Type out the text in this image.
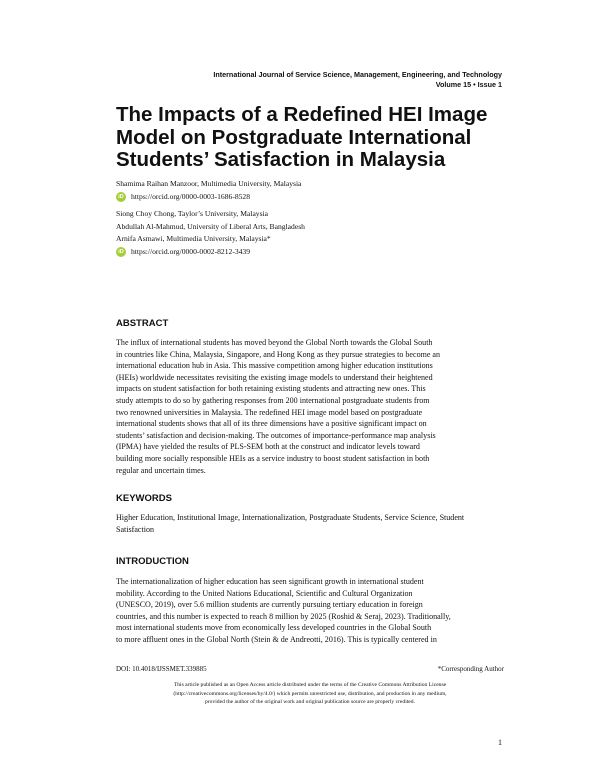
International Journal of Service Science, Management, Engineering, and Technology
Volume 15 • Issue 1
The Impacts of a Redefined HEI Image Model on Postgraduate International Students’ Satisfaction in Malaysia
Shamima Raihan Manzoor, Multimedia University, Malaysia
iD https://orcid.org/0000-0003-1686-8528
Siong Choy Chong, Taylor’s University, Malaysia
Abdullah Al-Mahmud, University of Liberal Arts, Bangladesh
Arnifa Asmawi, Multimedia University, Malaysia*
iD https://orcid.org/0000-0002-8212-3439
ABSTRACT
The influx of international students has moved beyond the Global North towards the Global South
in countries like China, Malaysia, Singapore, and Hong Kong as they pursue strategies to become an
international education hub in Asia. This massive competition among higher education institutions
(HEIs) worldwide necessitates revisiting the existing image models to understand their heightened
impacts on student satisfaction for both retaining existing students and attracting new ones. This
study attempts to do so by gathering responses from 200 international postgraduate students from
two renowned universities in Malaysia. The redefined HEI image model based on postgraduate
international students shows that all of its three dimensions have a positive significant impact on
students’ satisfaction and decision-making. The outcomes of importance-performance map analysis
(IPMA) have yielded the results of PLS-SEM both at the construct and indicator levels toward
building more socially responsible HEIs as a service industry to boost student satisfaction in both
regular and uncertain times.
KEYWORDS
Higher Education, Institutional Image, Internationalization, Postgraduate Students, Service Science, Student
Satisfaction
INTRODUCTION
The internationalization of higher education has seen significant growth in international student
mobility. According to the United Nations Educational, Scientific and Cultural Organization
(UNESCO, 2019), over 5.6 million students are currently pursuing tertiary education in foreign
countries, and this number is expected to reach 8 million by 2025 (Roshid & Seraj, 2023). Traditionally,
most international students move from economically less developed countries in the Global South
to more affluent ones in the Global North (Stein & de Andreotti, 2016). This is typically centered in
DOI: 10.4018/IJSSMET.339885	*Corresponding Author
This article published as an Open Access article distributed under the terms of the Creative Commons Attribution License
(http://creativecommons.org/licenses/by/4.0/) which permits unrestricted use, distribution, and production in any medium,
provided the author of the original work and original publication source are properly credited.
1
